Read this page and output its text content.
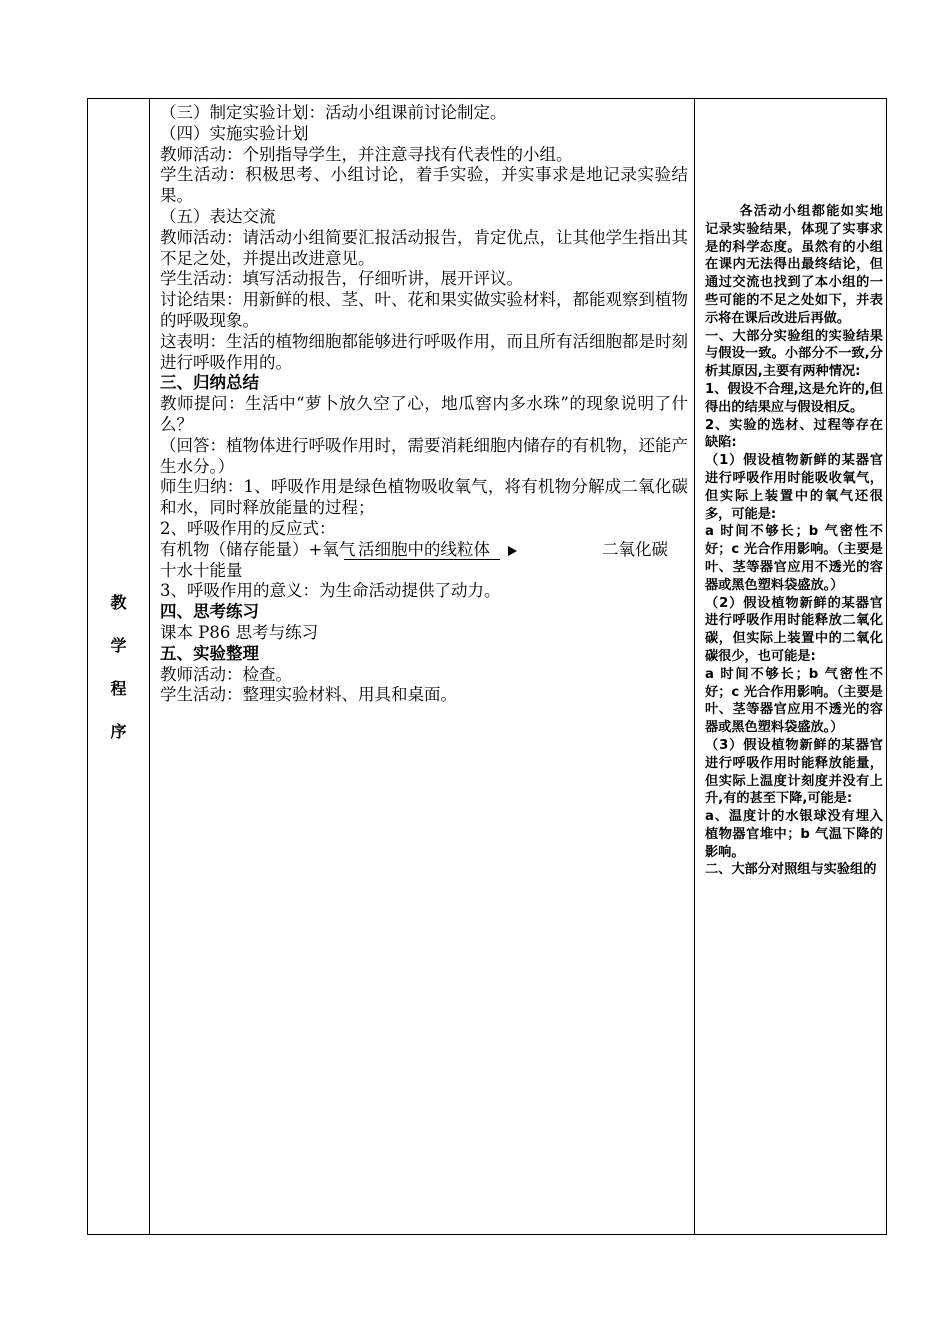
教
学
程
序

（三）制定实验计划：活动小组课前讨论制定。

（四）实施实验计划

教师活动：个别指导学生，并注意寻找有代表性的小组。

学生活动：积极思考、小组讨论，着手实验，并实事求是地记录实验结果。

（五）表达交流

教师活动：请活动小组简要汇报活动报告，肯定优点，让其他学生指出其不足之处，并提出改进意见。

学生活动：填写活动报告，仔细听讲，展开评议。

讨论结果：用新鲜的根、茎、叶、花和果实做实验材料，都能观察到植物的呼吸现象。

这表明：生活的植物细胞都能够进行呼吸作用，而且所有活细胞都是时刻进行呼吸作用的。

三、归纳总结

教师提问：生活中“萝卜放久空了心，地瓜窖内多水珠”的现象说明了什么？

（回答：植物体进行呼吸作用时，需要消耗细胞内储存的有机物，还能产生水分。）

师生归纳：1、呼吸作用是绿色植物吸收氧气，将有机物分解成二氧化碳和水，同时释放能量的过程；

2、呼吸作用的反应式：

有机物（储存能量）+氧气 活细胞中的线粒体	二氧化碳

十水十能量

3、呼吸作用的意义：为生命活动提供了动力。

四、思考练习

课本 P86 思考与练习

五、实验整理

教师活动：检查。

学生活动：整理实验材料、用具和桌面。

各活动小组都能如实地记录实验结果，体现了实事求是的科学态度。虽然有的小组在课内无法得出最终结论，但通过交流也找到了本小组的一些可能的不足之处如下，并表示将在课后改进后再做。

一、大部分实验组的实验结果与假设一致。小部分不一致,分析其原因,主要有两种情况:

1、假设不合理,这是允许的,但得出的结果应与假设相反。

2、实验的选材、过程等存在缺陷:

（1）假设植物新鲜的某器官进行呼吸作用时能吸收氧气，但实际上装置中的氧气还很多，可能是:

a 时间不够长；b 气密性不好；c 光合作用影响。（主要是叶、茎等器官应用不透光的容器或黑色塑料袋盛放。）

（2）假设植物新鲜的某器官进行呼吸作用时能释放二氧化碳，但实际上装置中的二氧化碳很少，也可能是:

a 时间不够长；b 气密性不好；c 光合作用影响。（主要是叶、茎等器官应用不透光的容器或黑色塑料袋盛放。）

（3）假设植物新鲜的某器官进行呼吸作用时能释放能量，但实际上温度计刻度并没有上升,有的甚至下降,可能是:

a、温度计的水银球没有埋入植物器官堆中；b 气温下降的影响。

二、大部分对照组与实验组的
